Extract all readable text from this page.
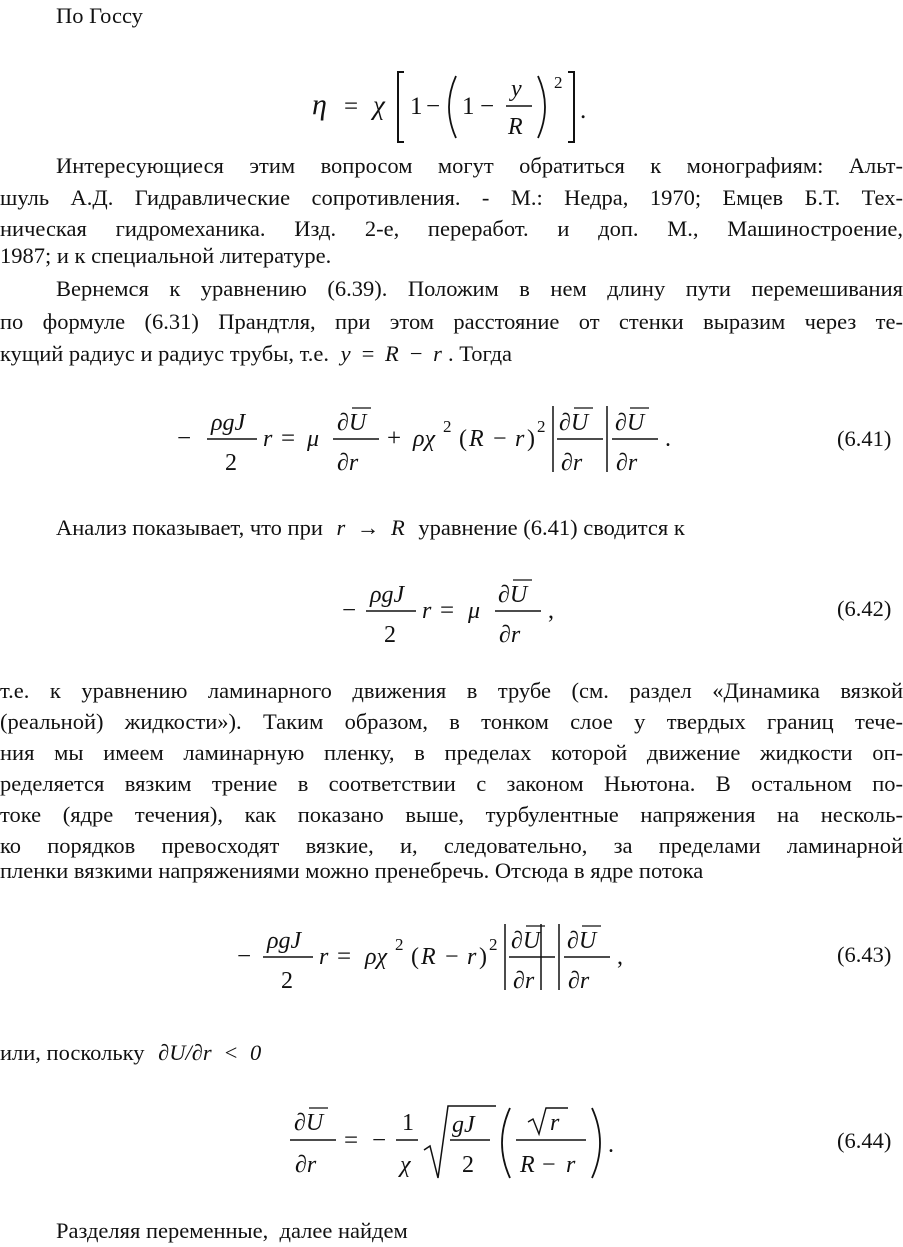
По Госсу
η = χ 1 − 1 −
y
R
2
.
Интересующиеся этим вопросом могут обратиться к монографиям: Альт-
шуль А.Д. Гидравлические сопротивления. - М.: Недра, 1970; Емцев Б.Т. Тех-
ническая гидромеханика. Изд. 2-е, переработ. и доп. М., Машиностроение,
1987; и к специальной литературе.
Вернемся к уравнению (6.39). Положим в нем длину пути перемешивания
по формуле (6.31) Прандтля, при этом расстояние от стенки выразим через те-
кущий радиус и радиус трубы, т.е. y = R − r . Тогда
−
ρgJ
2
r = μ
∂U
∂r
+ ρχ 2 ( R − r ) 2 ∂U
∂r
∂U
∂r
.	(6.41)
Анализ показывает, что при r → R уравнение (6.41) сводится к
−
ρgJ
2
r = μ
∂U
∂r
,	(6.42)
т.е. к уравнению ламинарного движения в трубе (см. раздел «Динамика вязкой
(реальной) жидкости»). Таким образом, в тонком слое у твердых границ тече-
ния мы имеем ламинарную пленку, в пределах которой движение жидкости оп-
ределяется вязким трение в соответствии с законом Ньютона. В остальном по-
токе (ядре течения), как показано выше, турбулентные напряжения на несколь-
ко порядков превосходят вязкие, и, следовательно, за пределами ламинарной
пленки вязкими напряжениями можно пренебречь. Отсюда в ядре потока
−
ρgJ
2
r = ρχ 2 ( R − r ) 2 ∂U
∂r
∂U
∂r
,	(6.43)
или, поскольку ∂U/∂r < 0
∂U
∂r
= −
1
χ
gJ
2
r
R − r
.	(6.44)
Разделяя переменные,  далее найдем
